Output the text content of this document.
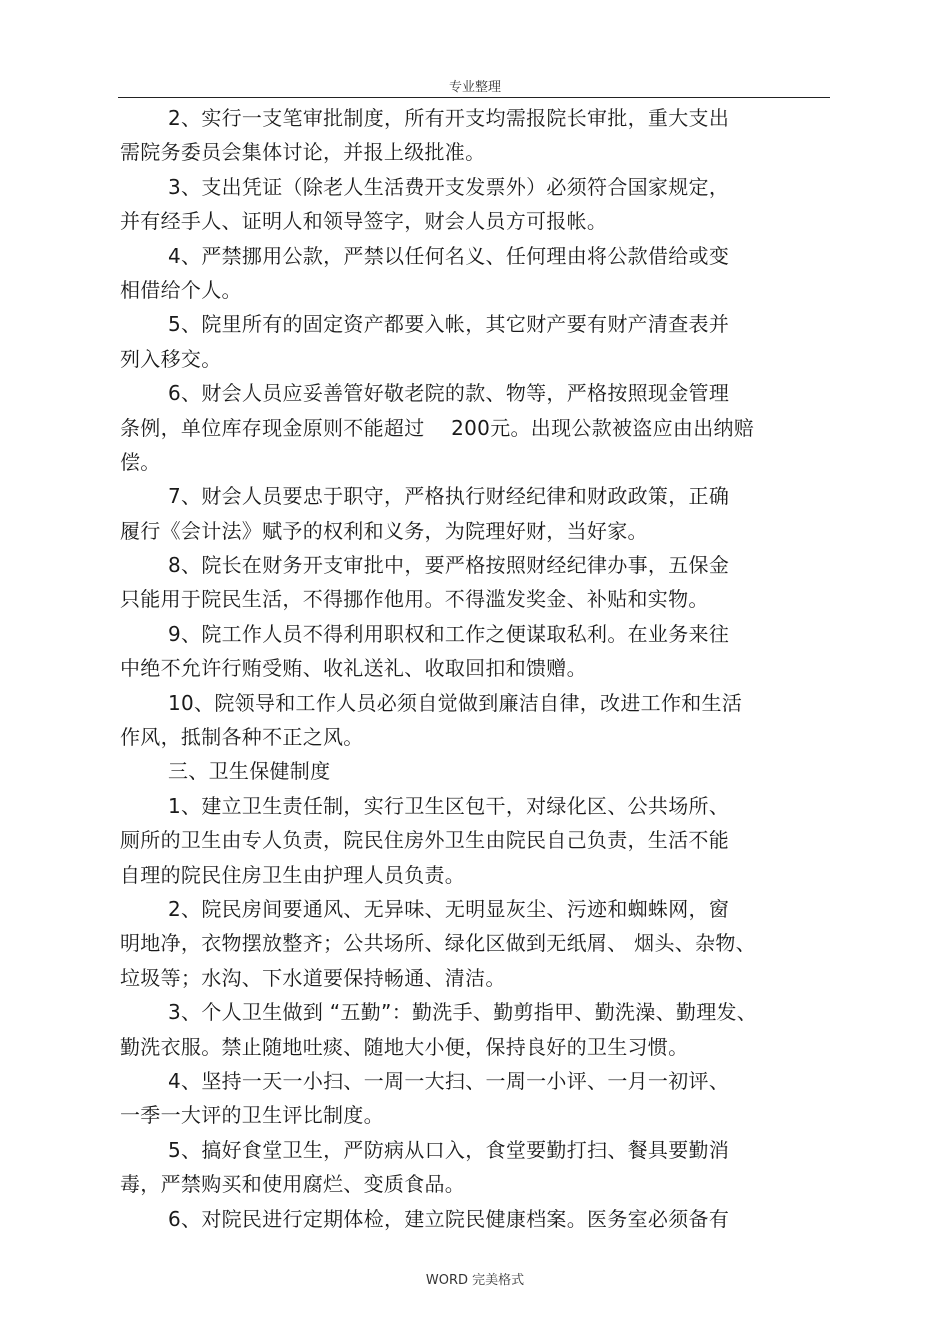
专业整理
2、实行一支笔审批制度，所有开支均需报院长审批，重大支出
需院务委员会集体讨论，并报上级批准。
3、支出凭证（除老人生活费开支发票外）必须符合国家规定，
并有经手人、证明人和领导签字，财会人员方可报帐。
4、严禁挪用公款，严禁以任何名义、任何理由将公款借给或变
相借给个人。
5、院里所有的固定资产都要入帐，其它财产要有财产清查表并
列入移交。
6、财会人员应妥善管好敬老院的款、物等，严格按照现金管理
条例，单位库存现金原则不能超过    200元。出现公款被盗应由出纳赔
偿。
7、财会人员要忠于职守，严格执行财经纪律和财政政策，正确
履行《会计法》赋予的权利和义务，为院理好财，当好家。
8、院长在财务开支审批中，要严格按照财经纪律办事，五保金
只能用于院民生活，不得挪作他用。不得滥发奖金、补贴和实物。
9、院工作人员不得利用职权和工作之便谋取私利。在业务来往
中绝不允许行贿受贿、收礼送礼、收取回扣和馈赠。
10、院领导和工作人员必须自觉做到廉洁自律，改进工作和生活
作风，抵制各种不正之风。
三、卫生保健制度
1、建立卫生责任制，实行卫生区包干，对绿化区、公共场所、
厕所的卫生由专人负责，院民住房外卫生由院民自己负责，生活不能
自理的院民住房卫生由护理人员负责。
2、院民房间要通风、无异味、无明显灰尘、污迹和蜘蛛网，窗
明地净，衣物摆放整齐；公共场所、绿化区做到无纸屑、 烟头、杂物、
垃圾等；水沟、下水道要保持畅通、清洁。
3、个人卫生做到 “五勤”：勤洗手、勤剪指甲、勤洗澡、勤理发、
勤洗衣服。禁止随地吐痰、随地大小便，保持良好的卫生习惯。
4、坚持一天一小扫、一周一大扫、一周一小评、一月一初评、
一季一大评的卫生评比制度。
5、搞好食堂卫生，严防病从口入，食堂要勤打扫、餐具要勤消
毒，严禁购买和使用腐烂、变质食品。
6、对院民进行定期体检，建立院民健康档案。医务室必须备有
WORD 完美格式
